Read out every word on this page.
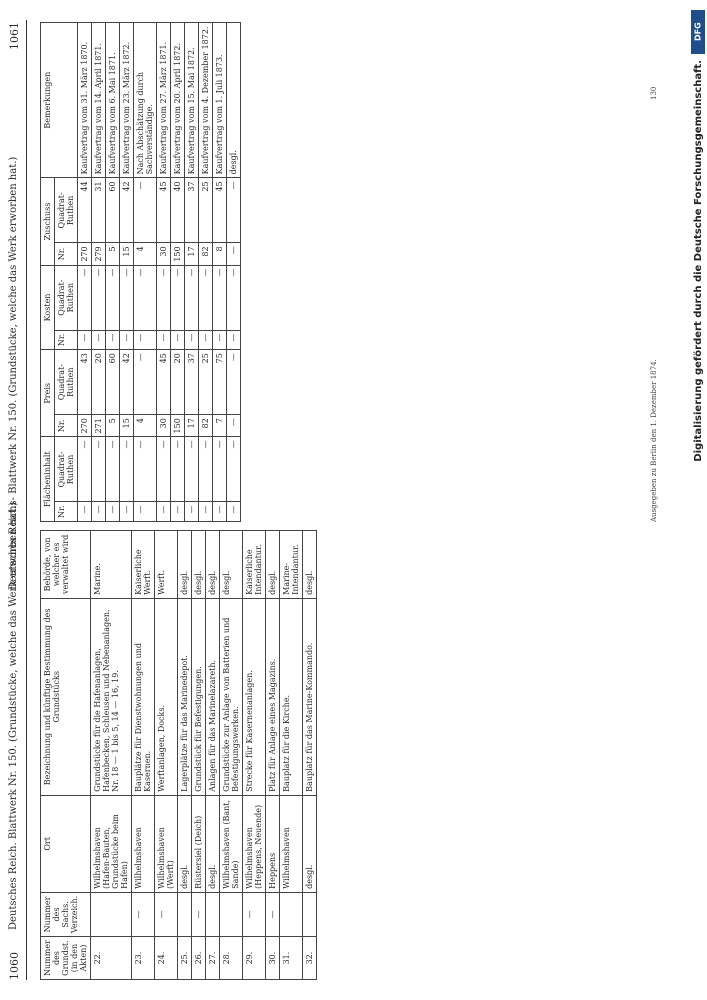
1060
Deutsches Reich. Blattwerk Nr. 150. (Grundstücke, welche das Werk erworben hat.)
Deutsches Reichs- Blattwerk Nr. 150. (Grundstücke, welche das Werk erworben hat.)
1061
Nummer des Grundst. (in den Akten)	Nummer des Sachs. Verzeich.	Ort	Bezeichnung und künftige Bestimmung des Grundstücks	Behörde, von welcher es verwaltet wird
22.		Wilhelmshaven (Hafen-Bauten, Grundstücke beim Hafen)	Grundstücke für die Hafenanlagen, Hafenbecken, Schleusen und Nebenanlagen. Nr. 18 — 1 bis 5, 14 — 16, 19.	Marine.
23.	—	Wilhelmshaven	Bauplätze für Dienstwohnungen und Kasernen.	Kaiserliche Werft.
24.	—	Wilhelmshaven (Werft)	Werftanlagen, Docks.	Werft.
25.		desgl.	Lagerplätze für das Marinedepot.	desgl.
26.	—	Rüstersiel (Deich)	Grundstück für Befestigungen.	desgl.
27.		desgl.	Anlagen für das Marinelazareth.	desgl.
28.		Wilhelmshaven (Bant, Sande)	Grundstücke zur Anlage von Batterien und Befestigungswerken.	desgl.
29.	—	Wilhelmshaven (Heppens, Neuende)	Strecke für Kasernenanlagen.	Kaiserliche Intendantur.
30.	—	Heppens	Platz für Anlage eines Magazins.	desgl.
31.		Wilhelmshaven	Bauplatz für die Kirche.	Marine-Intendantur.
32.		desgl.	Bauplatz für das Marine-Kommando.	desgl.
Flächeninhalt		Preis		Kosten		Zuschuss		Bemerkungen
Nr.	Quadrat-Ruthen	Nr.	Quadrat-Ruthen	Nr.	Quadrat-Ruthen	Nr.	Quadrat-Ruthen	
—	—	270	43	—	—	270	44	Kaufvertrag vom 31. März 1870.
—	—	271	20	—	—	279	31	Kaufvertrag vom 14. April 1871.
—	—	5	60	—	—	5	60	Kaufvertrag vom 6. Mai 1871.
—	—	15	42	—	—	15	42	Kaufvertrag vom 23. März 1872.
—	—	4	—	—	—	4	—	Nach Abschätzung durch Sachverständige.
—	—	30	45	—	—	30	45	Kaufvertrag vom 27. März 1871.
—	—	150	20	—	—	150	40	Kaufvertrag vom 20. April 1872.
—	—	17	37	—	—	17	37	Kaufvertrag vom 15. Mai 1872.
—	—	82	25	—	—	82	25	Kaufvertrag vom 4. Dezember 1872.
—	—	7	75	—	—	8	45	Kaufvertrag vom 1. Juli 1873.
—	—	—	—	—	—	—	—	desgl.
Ausgegeben zu Berlin den 1. Dezember 1874.
130
DFG
Digitalisierung gefördert durch die Deutsche Forschungsgemeinschaft.
